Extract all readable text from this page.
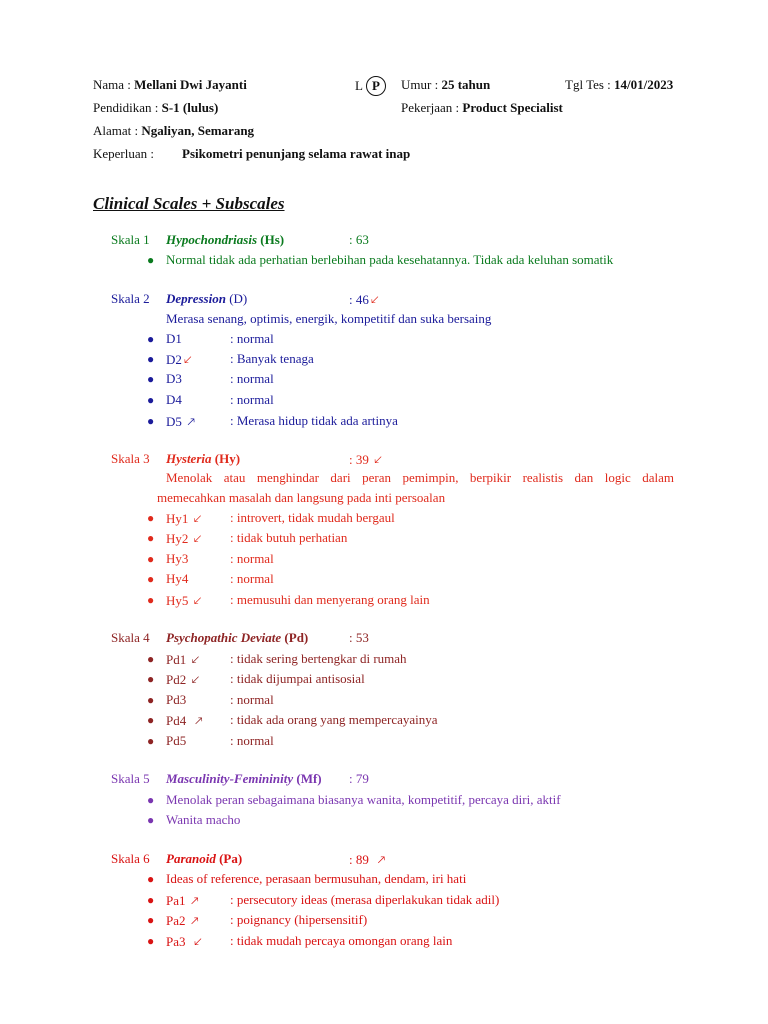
Nama : Mellani Dwi Jayanti	L P	Umur : 25 tahun	Tgl Tes : 14/01/2023
Pendidikan : S-1 (lulus)	Pekerjaan : Product Specialist
Alamat : Ngaliyan, Semarang
Keperluan : Psikometri penunjang selama rawat inap
Clinical Scales + Subscales
Skala 1 Hypochondriasis (Hs)	: 63
● Normal tidak ada perhatian berlebihan pada kesehatannya. Tidak ada keluhan somatik
Skala 2 Depression (D)	: 46 🡗
Merasa senang, optimis, energik, kompetitif dan suka bersaing
● D1	: normal
● D2 🡗	: Banyak tenaga
● D3	: normal
● D4	: normal
● D5 🡕	: Merasa hidup tidak ada artinya
Skala 3 Hysteria (Hy)	: 39 🡗
Menolak atau menghindar dari peran pemimpin, berpikir realistis dan logic dalam
memecahkan masalah dan langsung pada inti persoalan
● Hy1 🡗 : introvert, tidak mudah bergaul
● Hy2 🡗 : tidak butuh perhatian
● Hy3	: normal
● Hy4	: normal
● Hy5 🡗 : memusuhi dan menyerang orang lain
Skala 4 Psychopathic Deviate (Pd)	: 53
● Pd1 🡗 : tidak sering bertengkar di rumah
● Pd2 🡗 : tidak dijumpai antisosial
● Pd3	: normal
● Pd4 🡕 : tidak ada orang yang mempercayainya
● Pd5	: normal
Skala 5 Masculinity-Femininity (Mf) : 79
● Menolak peran sebagaimana biasanya wanita, kompetitif, percaya diri, aktif
● Wanita macho
Skala 6 Paranoid (Pa)	: 89 🡕
● Ideas of reference, perasaan bermusuhan, dendam, iri hati
● Pa1 🡕 : persecutory ideas (merasa diperlakukan tidak adil)
● Pa2 🡕 : poignancy (hipersensitif)
● Pa3 🡗 : tidak mudah percaya omongan orang lain
